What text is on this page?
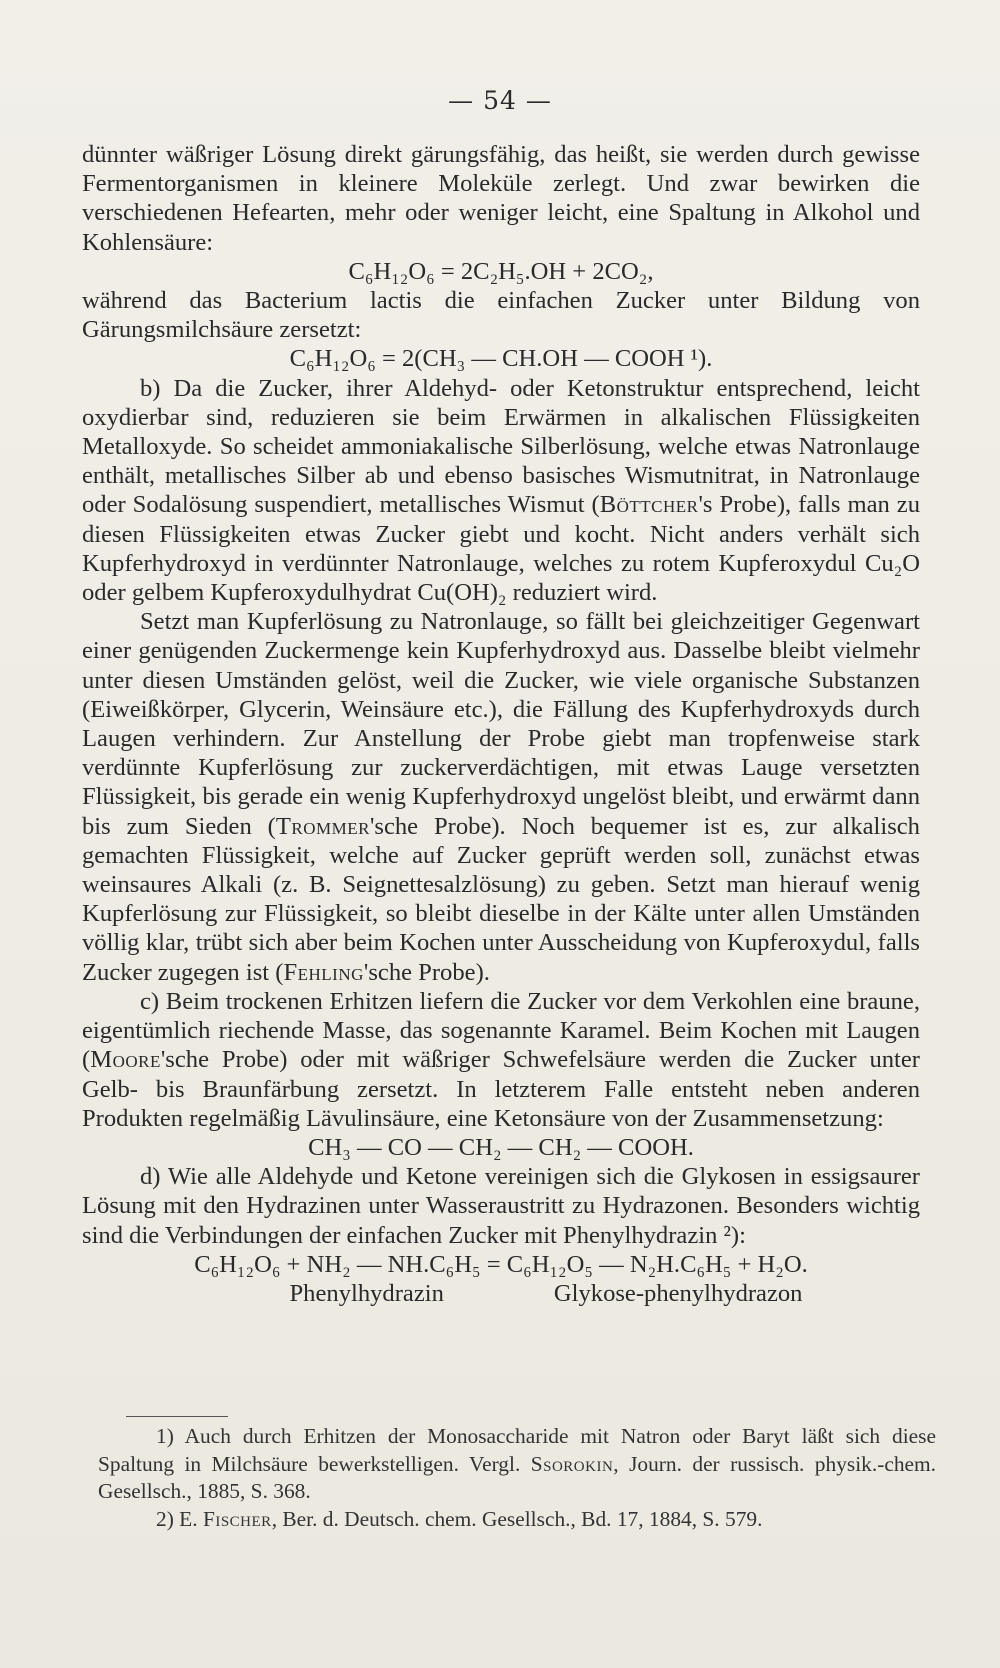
— 54 —

dünnter wäßriger Lösung direkt gärungsfähig, das heißt, sie werden durch gewisse Fermentorganismen in kleinere Moleküle zerlegt. Und zwar bewirken die verschiedenen Hefearten, mehr oder weniger leicht, eine Spaltung in Alkohol und Kohlensäure:

C₆H₁₂O₆ = 2C₂H₅.OH + 2CO₂,

während das Bacterium lactis die einfachen Zucker unter Bildung von Gärungsmilchsäure zersetzt:

C₆H₁₂O₆ = 2(CH₃ — CH.OH — COOH ¹).

b) Da die Zucker, ihrer Aldehyd- oder Ketonstruktur entsprechend, leicht oxydierbar sind, reduzieren sie beim Erwärmen in alkalischen Flüssigkeiten Metalloxyde. So scheidet ammoniakalische Silberlösung, welche etwas Natronlauge enthält, metallisches Silber ab und ebenso basisches Wismutnitrat, in Natronlauge oder Sodalösung suspendiert, metallisches Wismut (Böttcher's Probe), falls man zu diesen Flüssigkeiten etwas Zucker giebt und kocht. Nicht anders verhält sich Kupferhydroxyd in verdünnter Natronlauge, welches zu rotem Kupferoxydul Cu₂O oder gelbem Kupferoxydulhydrat Cu(OH)₂ reduziert wird.

Setzt man Kupferlösung zu Natronlauge, so fällt bei gleichzeitiger Gegenwart einer genügenden Zuckermenge kein Kupferhydroxyd aus. Dasselbe bleibt vielmehr unter diesen Umständen gelöst, weil die Zucker, wie viele organische Substanzen (Eiweißkörper, Glycerin, Weinsäure etc.), die Fällung des Kupferhydroxyds durch Laugen verhindern. Zur Anstellung der Probe giebt man tropfenweise stark verdünnte Kupferlösung zur zuckerverdächtigen, mit etwas Lauge versetzten Flüssigkeit, bis gerade ein wenig Kupferhydroxyd ungelöst bleibt, und erwärmt dann bis zum Sieden (Trommer'sche Probe). Noch bequemer ist es, zur alkalisch gemachten Flüssigkeit, welche auf Zucker geprüft werden soll, zunächst etwas weinsaures Alkali (z. B. Seignettesalzlösung) zu geben. Setzt man hierauf wenig Kupferlösung zur Flüssigkeit, so bleibt dieselbe in der Kälte unter allen Umständen völlig klar, trübt sich aber beim Kochen unter Ausscheidung von Kupferoxydul, falls Zucker zugegen ist (Fehling'sche Probe).

c) Beim trockenen Erhitzen liefern die Zucker vor dem Verkohlen eine braune, eigentümlich riechende Masse, das sogenannte Karamel. Beim Kochen mit Laugen (Moore'sche Probe) oder mit wäßriger Schwefelsäure werden die Zucker unter Gelb- bis Braunfärbung zersetzt. In letzterem Falle entsteht neben anderen Produkten regelmäßig Lävulinsäure, eine Ketonsäure von der Zusammensetzung:

CH₃ — CO — CH₂ — CH₂ — COOH.

d) Wie alle Aldehyde und Ketone vereinigen sich die Glykosen in essigsaurer Lösung mit den Hydrazinen unter Wasseraustritt zu Hydrazonen. Besonders wichtig sind die Verbindungen der einfachen Zucker mit Phenylhydrazin ²):

C₆H₁₂O₆ + NH₂ — NH.C₆H₅ = C₆H₁₂O₅ — N₂H.C₆H₅ + H₂O.

Phenylhydrazin	Glykose-phenylhydrazon

1) Auch durch Erhitzen der Monosaccharide mit Natron oder Baryt läßt sich diese Spaltung in Milchsäure bewerkstelligen. Vergl. Ssorokin, Journ. der russisch. physik.-chem. Gesellsch., 1885, S. 368.

2) E. Fischer, Ber. d. Deutsch. chem. Gesellsch., Bd. 17, 1884, S. 579.
